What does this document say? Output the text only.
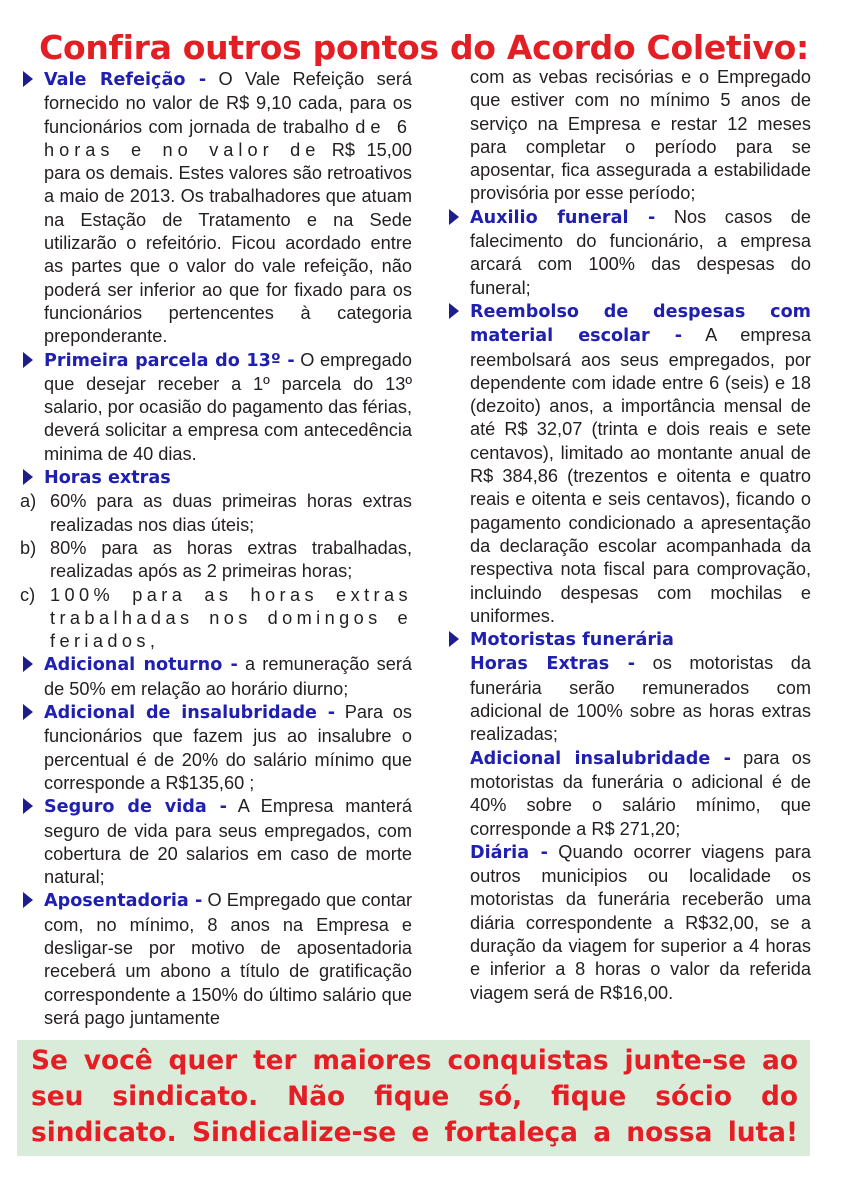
Confira outros pontos do Acordo Coletivo:

Vale Refeição - O Vale Refeição será fornecido no valor de R$ 9,10 cada, para os funcionários com jornada de trabalho de 6 horas e no valor de R$ 15,00 para os demais. Estes valores são retroativos a maio de 2013. Os trabalhadores que atuam na Estação de Tratamento e na Sede utilizarão o refeitório. Ficou acordado entre as partes que o valor do vale refeição, não poderá ser inferior ao que for fixado para os funcionários pertencentes à categoria preponderante.

Primeira parcela do 13º - O empregado que desejar receber a 1º parcela do 13º salario, por ocasião do pagamento das férias, deverá solicitar a empresa com antecedência minima de 40 dias.

Horas extras

a) 60% para as duas primeiras horas extras realizadas nos dias úteis;
b) 80% para as horas extras trabalhadas, realizadas após as 2 primeiras horas;
c) 100% para as horas extras trabalhadas nos domingos e feriados,

Adicional noturno - a remuneração será de 50% em relação ao horário diurno;

Adicional de insalubridade - Para os funcionários que fazem jus ao insalubre o percentual é de 20% do salário mínimo que corresponde a R$135,60 ;

Seguro de vida - A Empresa manterá seguro de vida para seus empregados, com cobertura de 20 salarios em caso de morte natural;

Aposentadoria - O Empregado que contar com, no mínimo, 8 anos na Empresa e desligar-se por motivo de aposentadoria receberá um abono a título de gratificação correspondente a 150% do último salário que será pago juntamente

com as vebas recisórias e o Empregado que estiver com no mínimo 5 anos de serviço na Empresa e restar 12 meses para completar o período para se aposentar, fica assegurada a estabilidade provisória por esse período;

Auxilio funeral - Nos casos de falecimento do funcionário, a empresa arcará com 100% das despesas do funeral;

Reembolso de despesas com material escolar - A empresa reembolsará aos seus empregados, por dependente com idade entre 6 (seis) e 18 (dezoito) anos, a importância mensal de até R$ 32,07 (trinta e dois reais e sete centavos), limitado ao montante anual de R$ 384,86 (trezentos e oitenta e quatro reais e oitenta e seis centavos), ficando o pagamento condicionado a apresentação da declaração escolar acompanhada da respectiva nota fiscal para comprovação, incluindo despesas com mochilas e uniformes.

Motoristas funerária

Horas Extras - os motoristas da funerária serão remunerados com adicional de 100% sobre as horas extras realizadas;

Adicional insalubridade - para os motoristas da funerária o adicional é de 40% sobre o salário mínimo, que corresponde a R$ 271,20;

Diária - Quando ocorrer viagens para outros municipios ou localidade os motoristas da funerária receberão uma diária correspondente a R$32,00, se a duração da viagem for superior a 4 horas e inferior a 8 horas o valor da referida viagem será de R$16,00.

Se você quer ter maiores conquistas junte-se ao seu sindicato. Não fique só, fique sócio do sindicato. Sindicalize-se e fortaleça a nossa luta!
